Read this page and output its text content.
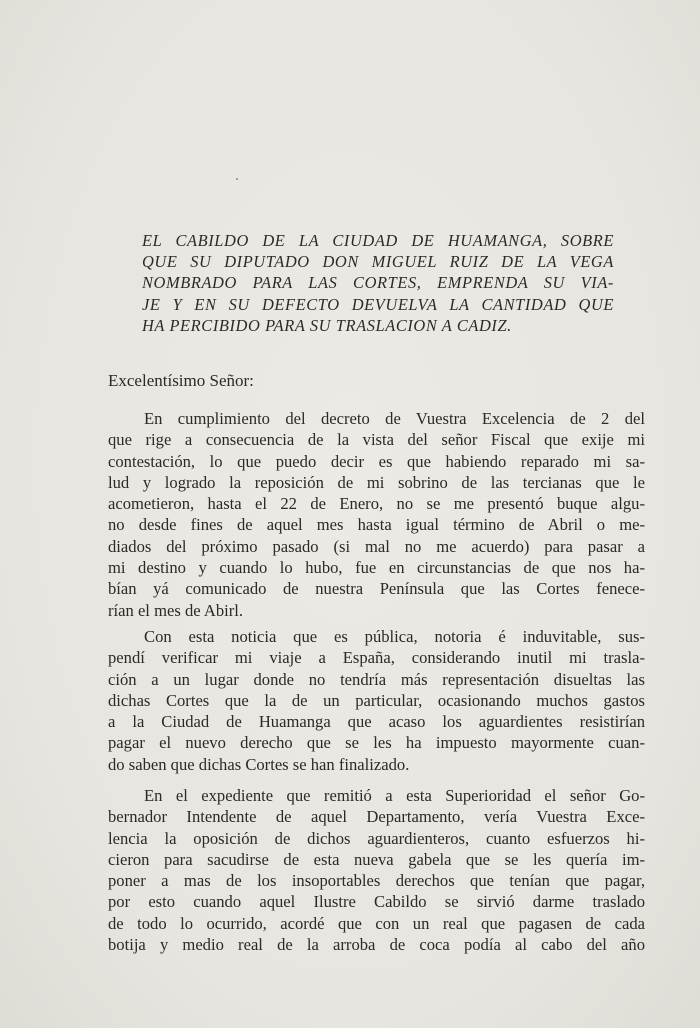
EL CABILDO DE LA CIUDAD DE HUAMANGA, SOBRE
QUE SU DIPUTADO DON MIGUEL RUIZ DE LA VEGA
NOMBRADO PARA LAS CORTES, EMPRENDA SU VIA-
JE Y EN SU DEFECTO DEVUELVA LA CANTIDAD QUE
HA PERCIBIDO PARA SU TRASLACION A CADIZ.

Excelentísimo Señor:

En cumplimiento del decreto de Vuestra Excelencia de 2 del
que rige a consecuencia de la vista del señor Fiscal que exije mi
contestación, lo que puedo decir es que habiendo reparado mi sa-
lud y logrado la reposición de mi sobrino de las tercianas que le
acometieron, hasta el 22 de Enero, no se me presentó buque algu-
no desde fines de aquel mes hasta igual término de Abril o me-
diados del próximo pasado (si mal no me acuerdo) para pasar a
mi destino y cuando lo hubo, fue en circunstancias de que nos ha-
bían yá comunicado de nuestra Península que las Cortes fenece-
rían el mes de Abirl.

Con esta noticia que es pública, notoria é induvitable, sus-
pendí verificar mi viaje a España, considerando inutil mi trasla-
ción a un lugar donde no tendría más representación disueltas las
dichas Cortes que la de un particular, ocasionando muchos gastos
a la Ciudad de Huamanga que acaso los aguardientes resistirían
pagar el nuevo derecho que se les ha impuesto mayormente cuan-
do saben que dichas Cortes se han finalizado.

En el expediente que remitió a esta Superioridad el señor Go-
bernador Intendente de aquel Departamento, vería Vuestra Exce-
lencia la oposición de dichos aguardienteros, cuanto esfuerzos hi-
cieron para sacudirse de esta nueva gabela que se les quería im-
poner a mas de los insoportables derechos que tenían que pagar,
por esto cuando aquel Ilustre Cabildo se sirvió darme traslado
de todo lo ocurrido, acordé que con un real que pagasen de cada
botija y medio real de la arroba de coca podía al cabo del año
